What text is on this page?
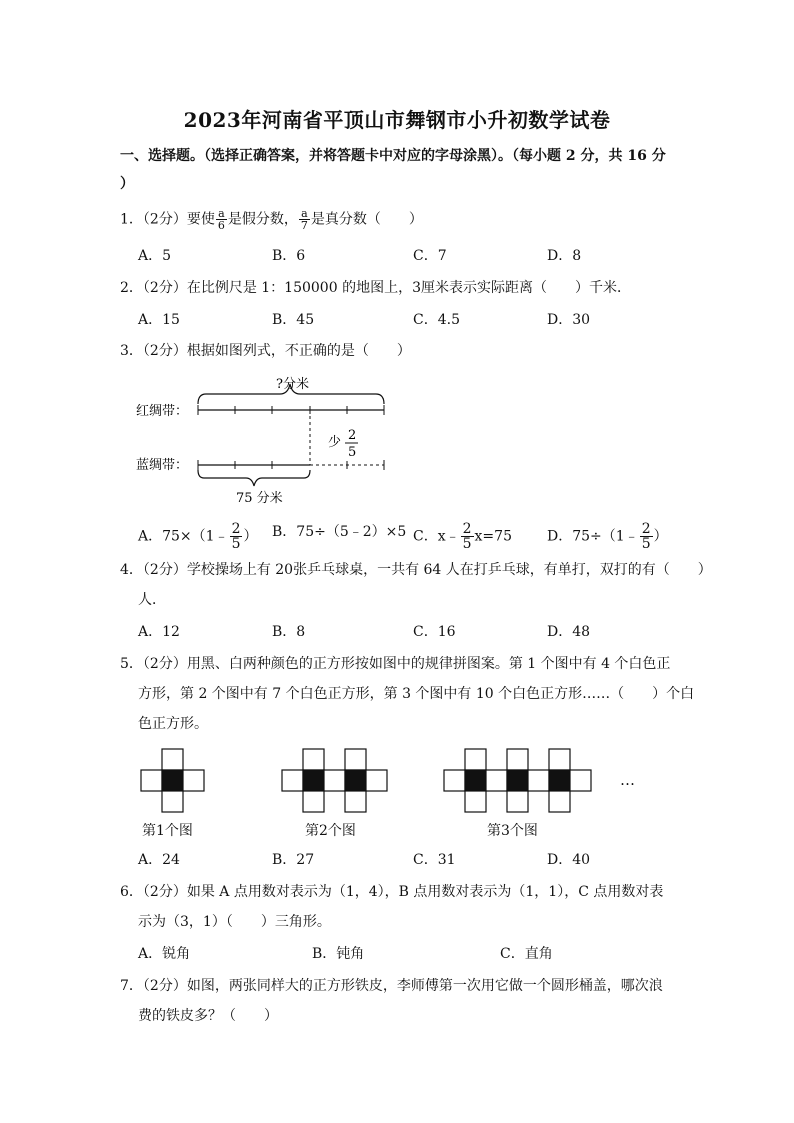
2023年河南省平顶山市舞钢市小升初数学试卷
一、选择题。（选择正确答案，并将答题卡中对应的字母涂黑）。（每小题 2 分，共 16 分
）
1．（2分）要使 $\frac{a}{6}$ 是假分数， $\frac{a}{7}$ 是真分数（　　）
A．5	B．6	C．7	D．8
2．（2分）在比例尺是 1：150000 的地图上，3厘米表示实际距离（　　）千米．
A．15	B．45	C．4.5	D．30
3．（2分）根据如图列式，不正确的是（　　）
?分米
红绸带：
少 2
5
蓝绸带：
75 分米
A．75×（1﹣ $\frac{2}{5}$ ） B．75÷（5﹣2）×5 C．x﹣ $\frac{2}{5} x=75$	D．75÷（1﹣ $\frac{2}{5}$ ）
4．（2分）学校操场上有 20张乒乓球桌，一共有 64 人在打乒乓球，有单打，双打的有（　　）
人．
A．12	B．8	C．16	D．48
5．（2分）用黑、白两种颜色的正方形按如图中的规律拼图案。第 1 个图中有 4 个白色正
方形，第 2 个图中有 7 个白色正方形，第 3 个图中有 10 个白色正方形……（　　）个白
色正方形。
…
第1个图	第2个图	第3个图
A．24	B．27	C．31	D．40
6．（2分）如果 A 点用数对表示为（1，4），B 点用数对表示为（1，1），C 点用数对表
示为（3，1）（　　）三角形。
A．锐角	B．钝角	C．直角
7．（2分）如图，两张同样大的正方形铁皮，李师傅第一次用它做一个圆形桶盖，哪次浪
费的铁皮多？（　　）
